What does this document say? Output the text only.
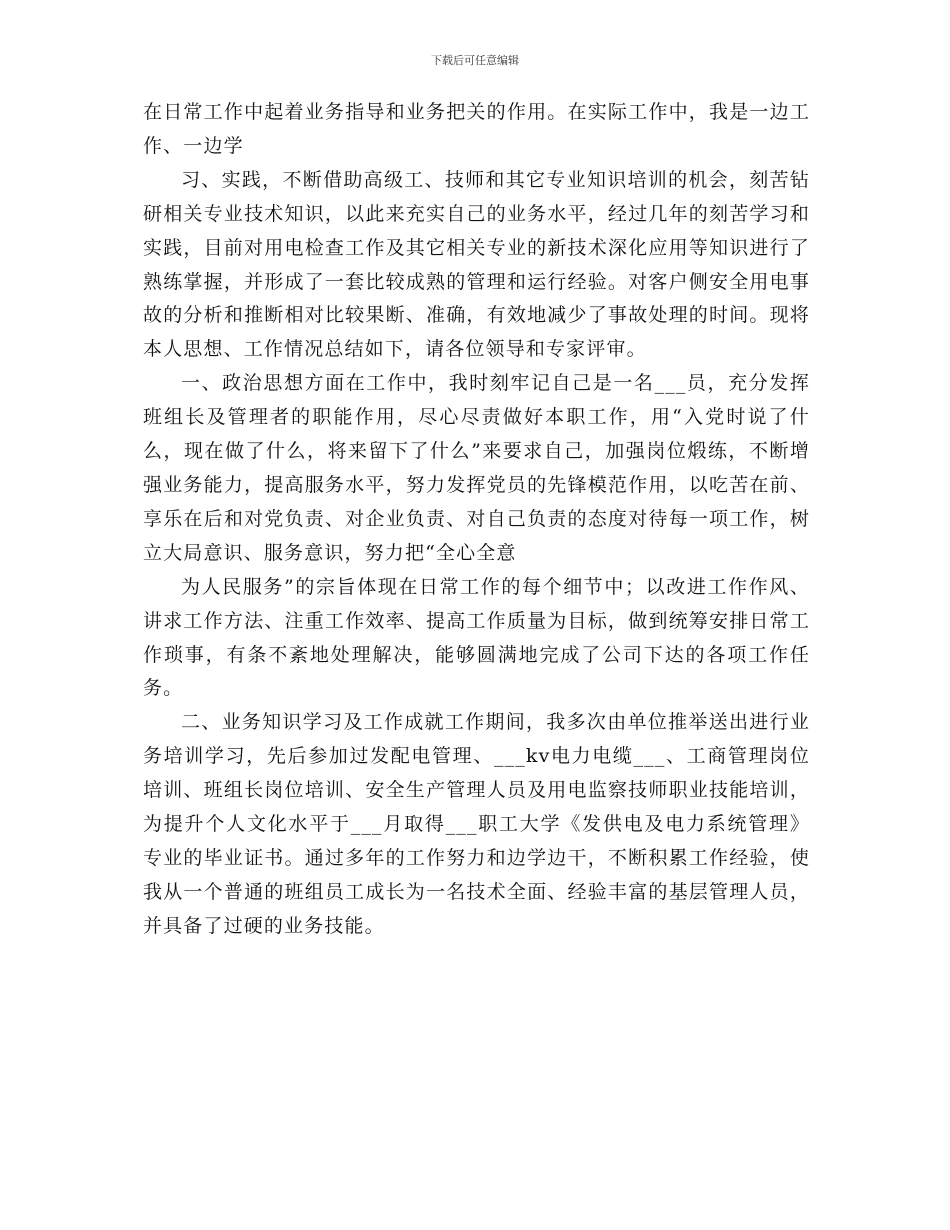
下载后可任意编辑

在日常工作中起着业务指导和业务把关的作用。在实际工作中，我是一边工作、一边学

习、实践，不断借助高级工、技师和其它专业知识培训的机会，刻苦钻研相关专业技术知识，以此来充实自己的业务水平，经过几年的刻苦学习和实践，目前对用电检查工作及其它相关专业的新技术深化应用等知识进行了熟练掌握，并形成了一套比较成熟的管理和运行经验。对客户侧安全用电事故的分析和推断相对比较果断、准确，有效地减少了事故处理的时间。现将本人思想、工作情况总结如下，请各位领导和专家评审。

一、政治思想方面在工作中，我时刻牢记自己是一名___员，充分发挥班组长及管理者的职能作用，尽心尽责做好本职工作，用“入党时说了什么，现在做了什么，将来留下了什么”来要求自己，加强岗位煅练，不断增强业务能力，提高服务水平，努力发挥党员的先锋模范作用，以吃苦在前、享乐在后和对党负责、对企业负责、对自己负责的态度对待每一项工作，树立大局意识、服务意识，努力把“全心全意

为人民服务”的宗旨体现在日常工作的每个细节中；以改进工作作风、讲求工作方法、注重工作效率、提高工作质量为目标，做到统筹安排日常工作琐事，有条不紊地处理解决，能够圆满地完成了公司下达的各项工作任务。

二、业务知识学习及工作成就工作期间，我多次由单位推举送出进行业务培训学习，先后参加过发配电管理、___kv电力电缆___、工商管理岗位培训、班组长岗位培训、安全生产管理人员及用电监察技师职业技能培训，为提升个人文化水平于___月取得___职工大学《发供电及电力系统管理》专业的毕业证书。通过多年的工作努力和边学边干，不断积累工作经验，使我从一个普通的班组员工成长为一名技术全面、经验丰富的基层管理人员，并具备了过硬的业务技能。
